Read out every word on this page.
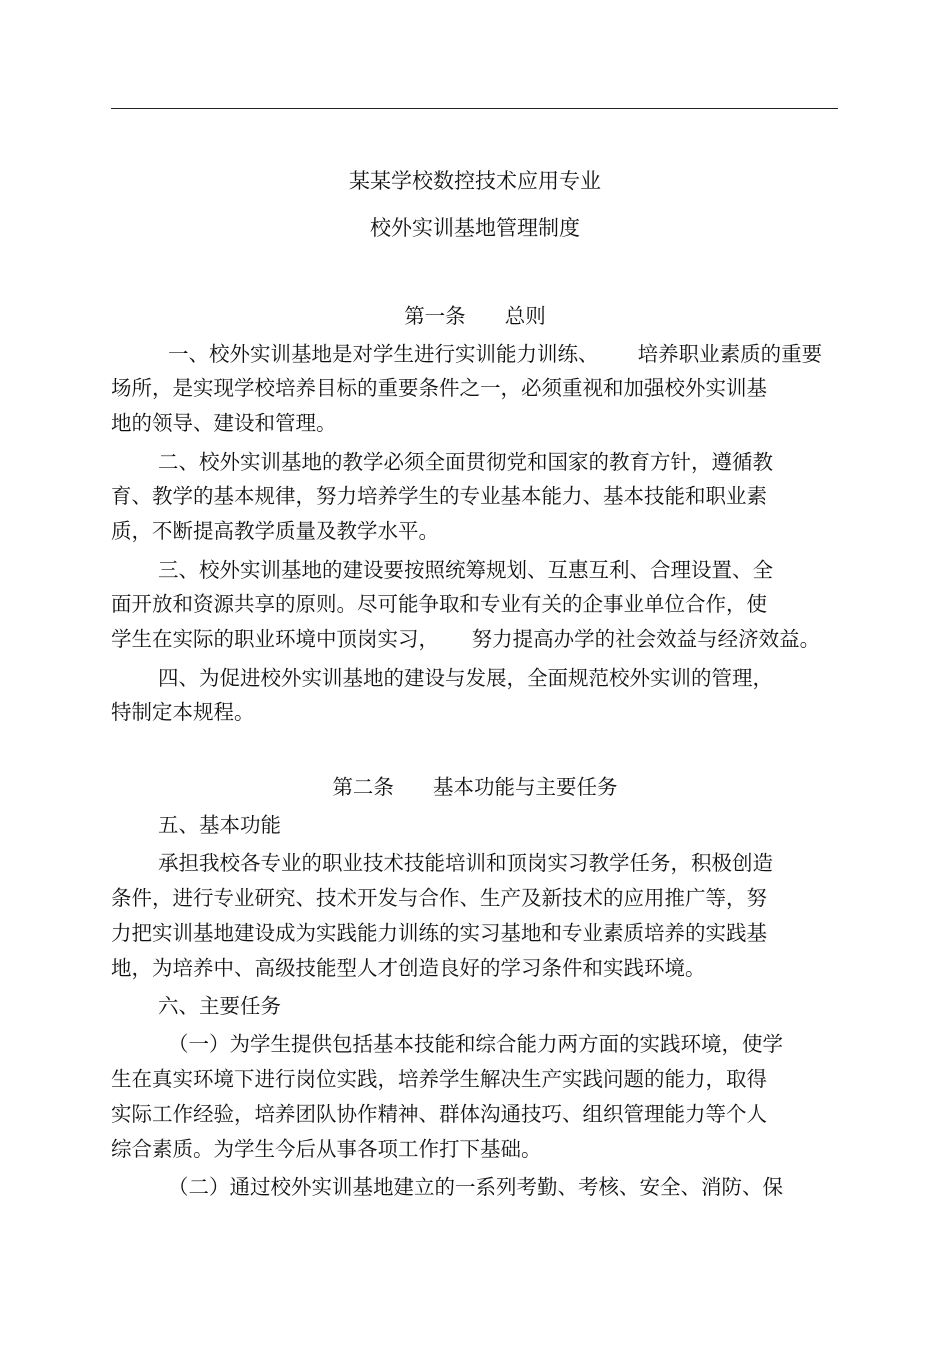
某某学校数控技术应用专业
校外实训基地管理制度
第一条      总则
一、校外实训基地是对学生进行实训能力训练、      培养职业素质的重要
场所，是实现学校培养目标的重要条件之一，必须重视和加强校外实训基
地的领导、建设和管理。
二、校外实训基地的教学必须全面贯彻党和国家的教育方针，遵循教
育、教学的基本规律，努力培养学生的专业基本能力、基本技能和职业素
质，不断提高教学质量及教学水平。
三、校外实训基地的建设要按照统筹规划、互惠互利、合理设置、全
面开放和资源共享的原则。尽可能争取和专业有关的企事业单位合作，使
学生在实际的职业环境中顶岗实习，     努力提高办学的社会效益与经济效益。
四、为促进校外实训基地的建设与发展，全面规范校外实训的管理，
特制定本规程。
第二条      基本功能与主要任务
五、基本功能
承担我校各专业的职业技术技能培训和顶岗实习教学任务，积极创造
条件，进行专业研究、技术开发与合作、生产及新技术的应用推广等，努
力把实训基地建设成为实践能力训练的实习基地和专业素质培养的实践基
地，为培养中、高级技能型人才创造良好的学习条件和实践环境。
六、主要任务
（一）为学生提供包括基本技能和综合能力两方面的实践环境，使学
生在真实环境下进行岗位实践，培养学生解决生产实践问题的能力，取得
实际工作经验，培养团队协作精神、群体沟通技巧、组织管理能力等个人
综合素质。为学生今后从事各项工作打下基础。
（二）通过校外实训基地建立的一系列考勤、考核、安全、消防、保
